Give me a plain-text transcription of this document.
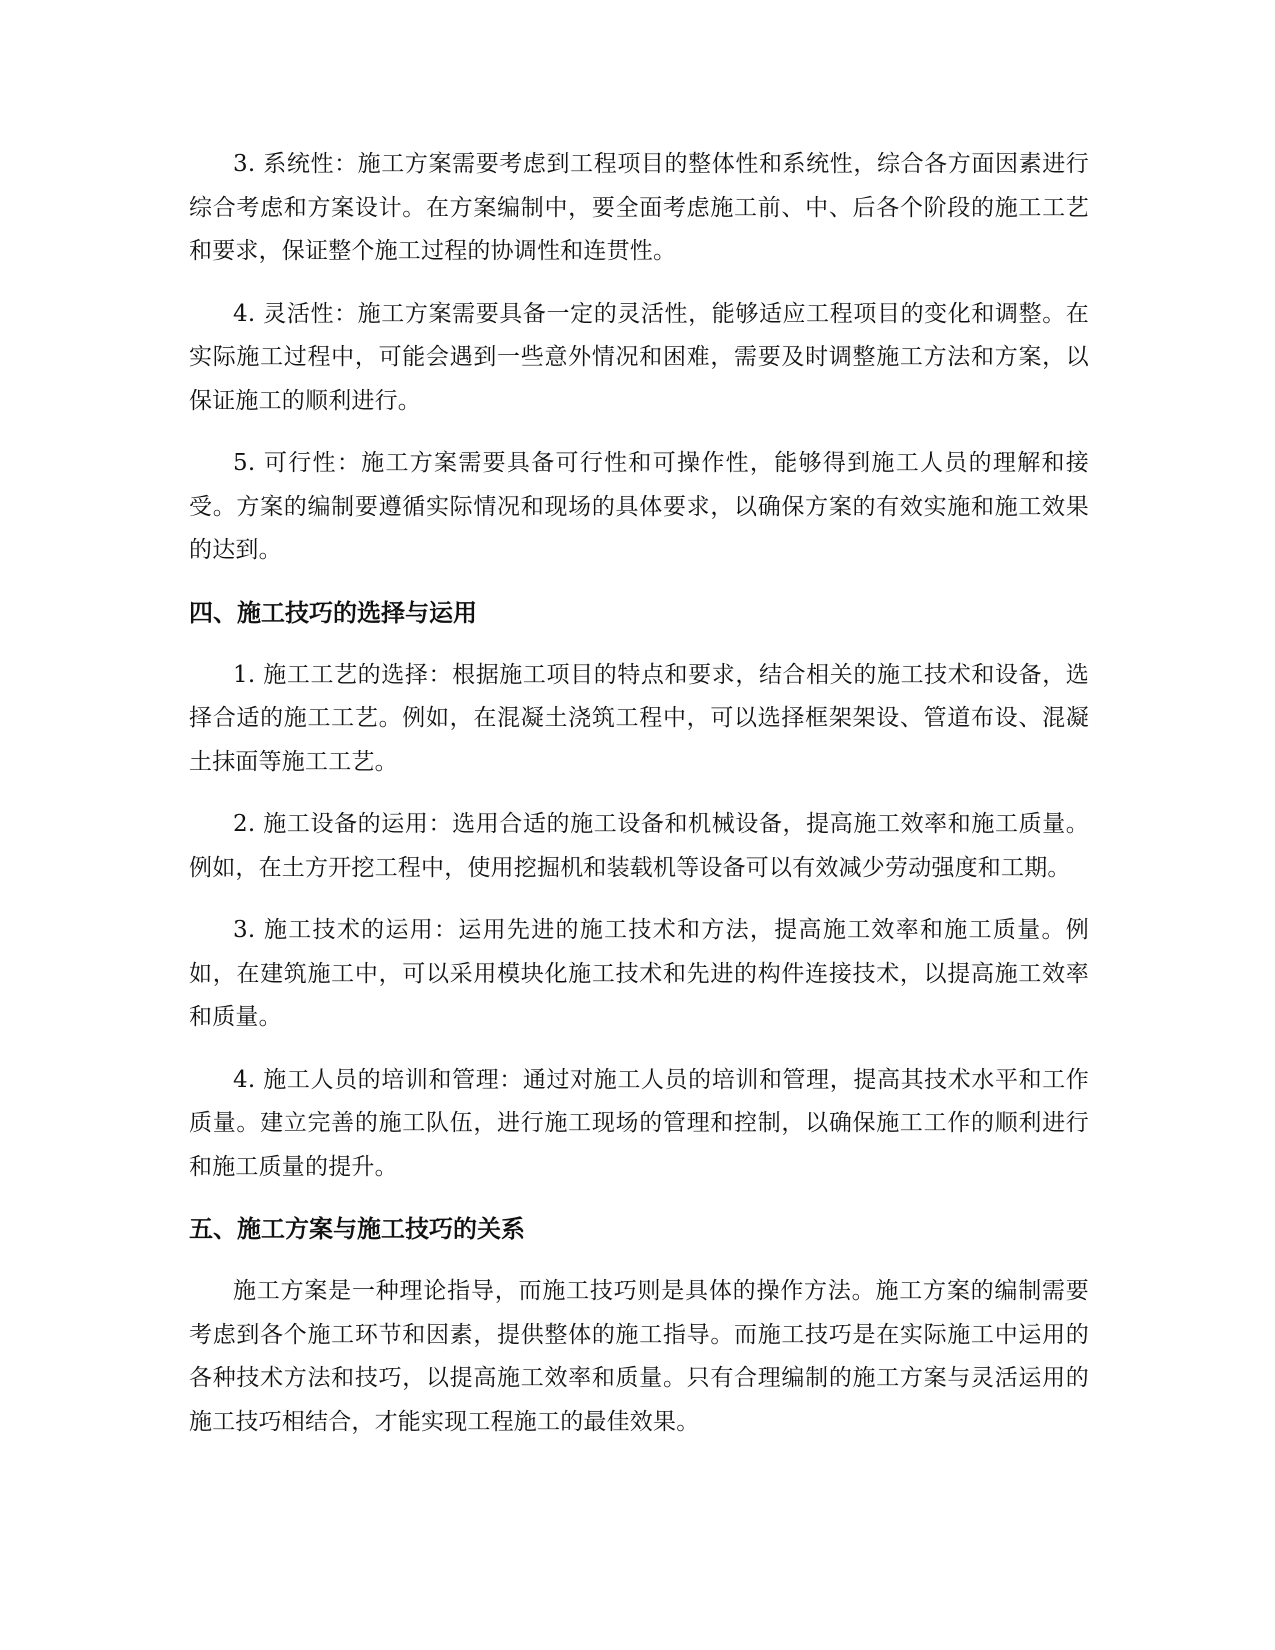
3. 系统性：施工方案需要考虑到工程项目的整体性和系统性，综合各方面因素进行综合考虑和方案设计。在方案编制中，要全面考虑施工前、中、后各个阶段的施工工艺和要求，保证整个施工过程的协调性和连贯性。

4. 灵活性：施工方案需要具备一定的灵活性，能够适应工程项目的变化和调整。在实际施工过程中，可能会遇到一些意外情况和困难，需要及时调整施工方法和方案，以保证施工的顺利进行。

5. 可行性：施工方案需要具备可行性和可操作性，能够得到施工人员的理解和接受。方案的编制要遵循实际情况和现场的具体要求，以确保方案的有效实施和施工效果的达到。

四、施工技巧的选择与运用

1. 施工工艺的选择：根据施工项目的特点和要求，结合相关的施工技术和设备，选择合适的施工工艺。例如，在混凝土浇筑工程中，可以选择框架架设、管道布设、混凝土抹面等施工工艺。

2. 施工设备的运用：选用合适的施工设备和机械设备，提高施工效率和施工质量。例如，在土方开挖工程中，使用挖掘机和装载机等设备可以有效减少劳动强度和工期。

3. 施工技术的运用：运用先进的施工技术和方法，提高施工效率和施工质量。例如，在建筑施工中，可以采用模块化施工技术和先进的构件连接技术，以提高施工效率和质量。

4. 施工人员的培训和管理：通过对施工人员的培训和管理，提高其技术水平和工作质量。建立完善的施工队伍，进行施工现场的管理和控制，以确保施工工作的顺利进行和施工质量的提升。

五、施工方案与施工技巧的关系

施工方案是一种理论指导，而施工技巧则是具体的操作方法。施工方案的编制需要考虑到各个施工环节和因素，提供整体的施工指导。而施工技巧是在实际施工中运用的各种技术方法和技巧，以提高施工效率和质量。只有合理编制的施工方案与灵活运用的施工技巧相结合，才能实现工程施工的最佳效果。
